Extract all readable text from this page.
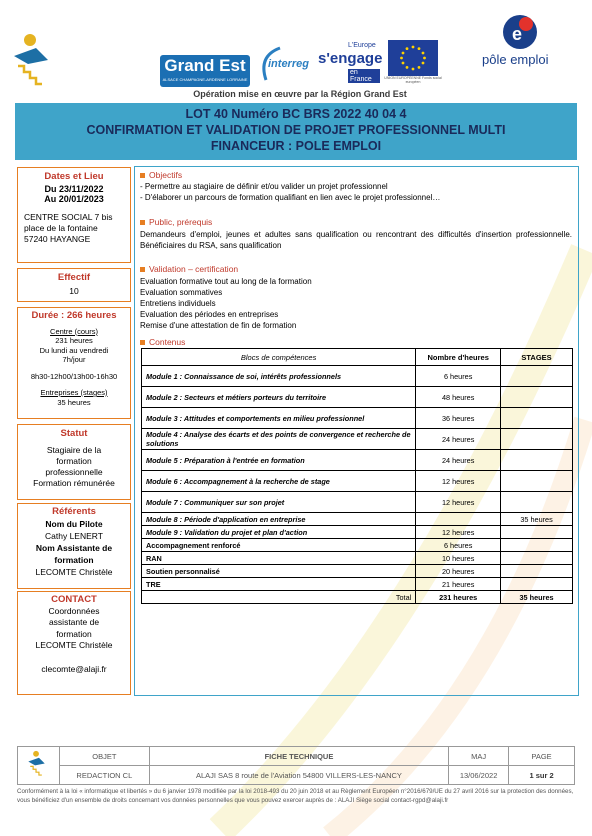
Grand Est
ALSACE CHAMPAGNE-ARDENNE LORRAINE
interreg
L'Europe
s'engage
en France	UNION EUROPÉENNE Fonds social européen
e
pôle emploi
Opération mise en œuvre par la Région Grand Est
LOT 40 Numéro BC BRS 2022 40 04 4
CONFIRMATION ET VALIDATION DE PROJET PROFESSIONNEL MULTI
FINANCEUR : POLE EMPLOI
Dates et Lieu
Du 23/11/2022
Au 20/01/2023
CENTRE SOCIAL 7 bis
place de la fontaine
57240 HAYANGE
Effectif
10
Durée : 266 heures
Centre (cours)
231 heures
Du lundi au vendredi
7h/jour
8h30-12h00/13h00-16h30
Entreprises (stages)
35 heures
Statut
Stagiaire de la
formation
professionnelle
Formation rémunérée
Référents
Nom du Pilote
Cathy LENERT
Nom Assistante de
formation
LECOMTE Christèle
CONTACT
Coordonnées
assistante de
formation
LECOMTE Christèle
clecomte@alaji.fr
Objectifs
- Permettre au stagiaire de définir et/ou valider un projet professionnel
- D'élaborer un parcours de formation qualifiant en lien avec le projet professionnel…
Public, prérequis
Demandeurs d'emploi, jeunes et adultes sans qualification ou rencontrant des difficultés d'insertion professionnelle. Bénéficiaires du RSA, sans qualification
Validation – certification
Evaluation formative tout au long de la formation
Evaluation sommatives
Entretiens individuels
Evaluation des périodes en entreprises
Remise d'une attestation de fin de formation
Contenus
Blocs de compétences	Nombre d'heures	STAGES
Module 1 : Connaissance de soi, intérêts professionnels	6 heures	
Module 2 : Secteurs et métiers porteurs du territoire	48 heures	
Module 3 : Attitudes et comportements en milieu professionnel	36 heures	
Module 4 : Analyse des écarts et des points de convergence et recherche de solutions	24 heures	
Module 5 : Préparation à l'entrée en formation	24 heures	
Module 6 : Accompagnement à la recherche de stage	12 heures	
Module 7 : Communiquer sur son projet	12 heures	
Module 8 : Période d'application en entreprise		35 heures
Module 9 : Validation du projet et plan d'action	12 heures	
Accompagnement renforcé	6 heures	
RAN	10 heures	
Soutien personnalisé	20 heures	
TRE	21 heures	
Total	231 heures	35 heures
	OBJET	FICHE TECHNIQUE	MAJ	PAGE
	REDACTION CL	ALAJI SAS 8 route de l'Aviation 54800 VILLERS-LES-NANCY	13/06/2022	1 sur 2
Conformément à la loi « informatique et libertés » du 6 janvier 1978 modifiée par la loi 2018-493 du 20 juin 2018 et au Règlement Européen n°2016/679/UE du 27 avril 2016 sur la protection des données, vous bénéficiez d'un ensemble de droits concernant vos données personnelles que vous pouvez exercer auprès de : ALAJI Siège social contact-rgpd@alaji.fr
